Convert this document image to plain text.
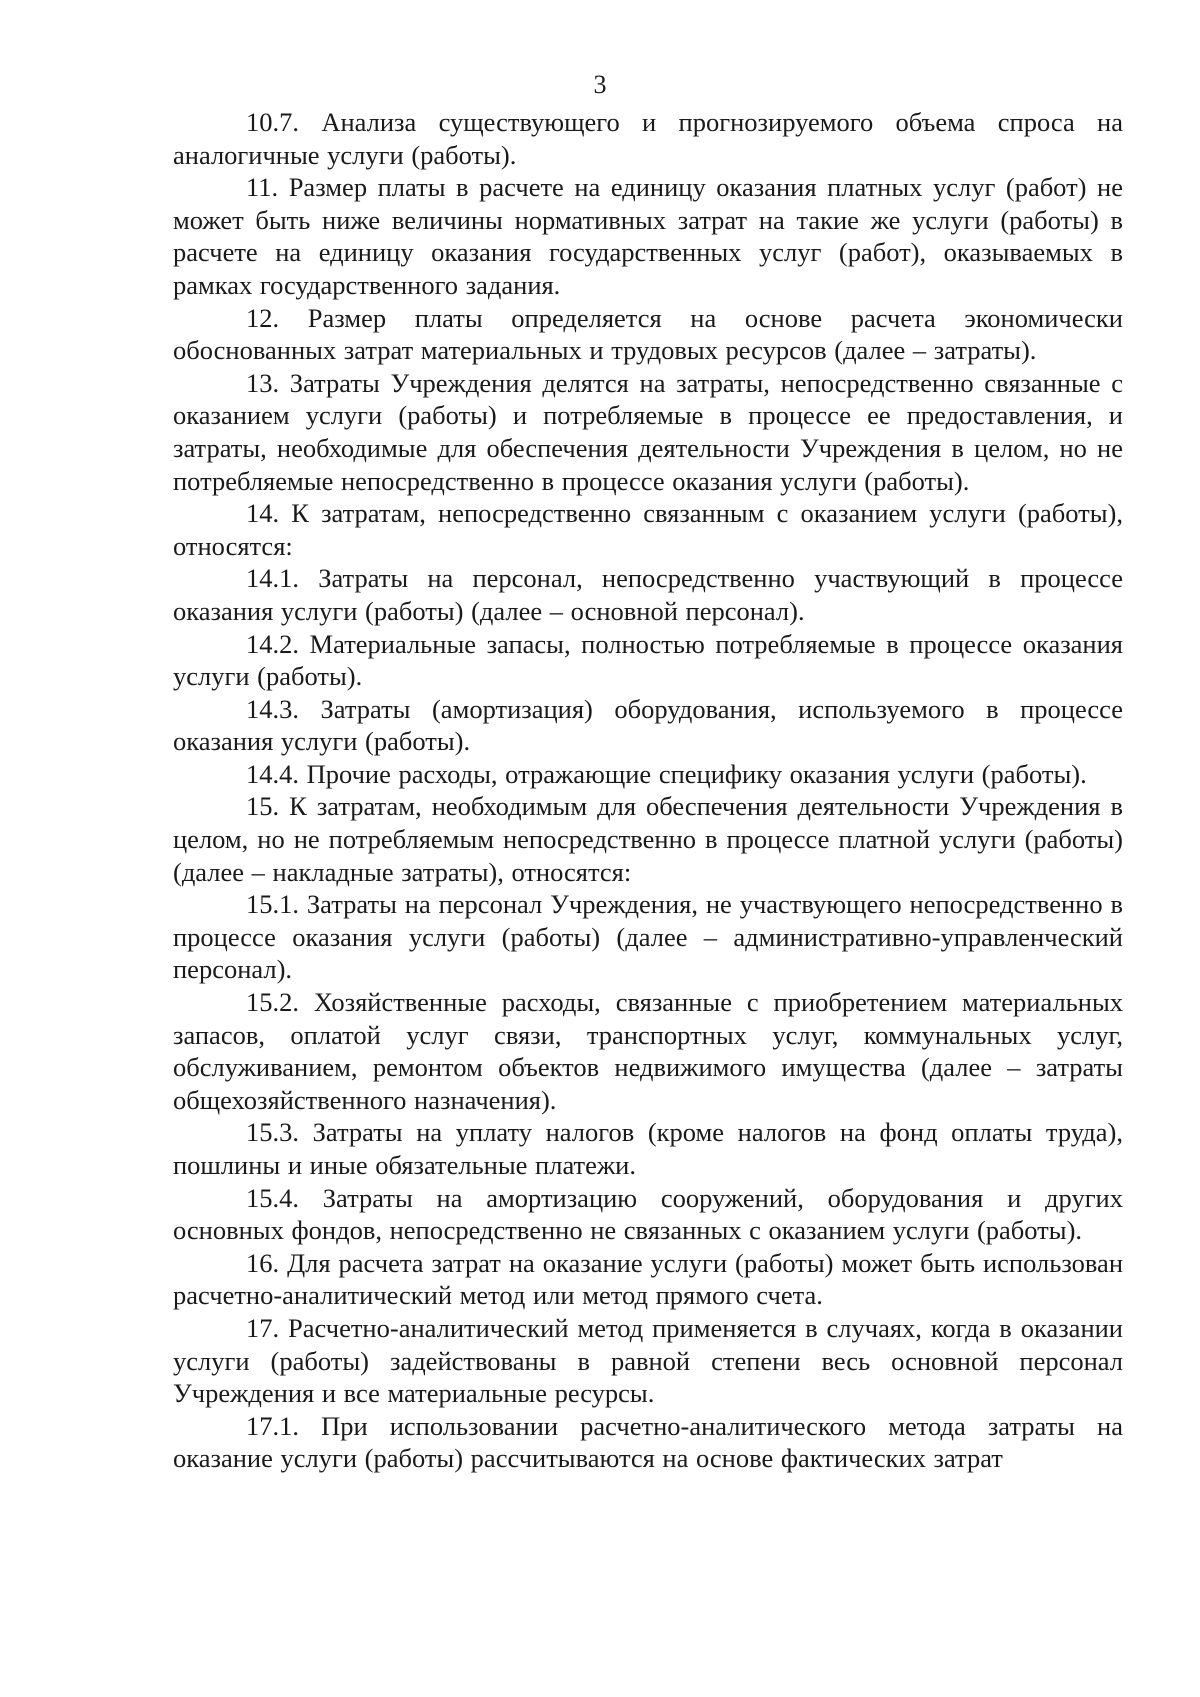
3

10.7. Анализа существующего и прогнозируемого объема спроса на аналогичные услуги (работы).

11. Размер платы в расчете на единицу оказания платных услуг (работ) не может быть ниже величины нормативных затрат на такие же услуги (работы) в расчете на единицу оказания государственных услуг (работ), оказываемых в рамках государственного задания.

12. Размер платы определяется на основе расчета экономически обоснованных затрат материальных и трудовых ресурсов (далее – затраты).

13. Затраты Учреждения делятся на затраты, непосредственно связанные с оказанием услуги (работы) и потребляемые в процессе ее предоставления, и затраты, необходимые для обеспечения деятельности Учреждения в целом, но не потребляемые непосредственно в процессе оказания услуги (работы).

14. К затратам, непосредственно связанным с оказанием услуги (работы), относятся:

14.1. Затраты на персонал, непосредственно участвующий в процессе оказания услуги (работы) (далее – основной персонал).

14.2. Материальные запасы, полностью потребляемые в процессе оказания услуги (работы).

14.3. Затраты (амортизация) оборудования, используемого в процессе оказания услуги (работы).

14.4. Прочие расходы, отражающие специфику оказания услуги (работы).

15. К затратам, необходимым для обеспечения деятельности Учреждения в целом, но не потребляемым непосредственно в процессе платной услуги (работы) (далее – накладные затраты), относятся:

15.1. Затраты на персонал Учреждения, не участвующего непосредственно в процессе оказания услуги (работы) (далее – административно-управленческий персонал).

15.2. Хозяйственные расходы, связанные с приобретением материальных запасов, оплатой услуг связи, транспортных услуг, коммунальных услуг, обслуживанием, ремонтом объектов недвижимого имущества (далее – затраты общехозяйственного назначения).

15.3. Затраты на уплату налогов (кроме налогов на фонд оплаты труда), пошлины и иные обязательные платежи.

15.4. Затраты на амортизацию сооружений, оборудования и других основных фондов, непосредственно не связанных с оказанием услуги (работы).

16. Для расчета затрат на оказание услуги (работы) может быть использован расчетно-аналитический метод или метод прямого счета.

17. Расчетно-аналитический метод применяется в случаях, когда в оказании услуги (работы) задействованы в равной степени весь основной персонал Учреждения и все материальные ресурсы.

17.1. При использовании расчетно-аналитического метода затраты на оказание услуги (работы) рассчитываются на основе фактических затрат
